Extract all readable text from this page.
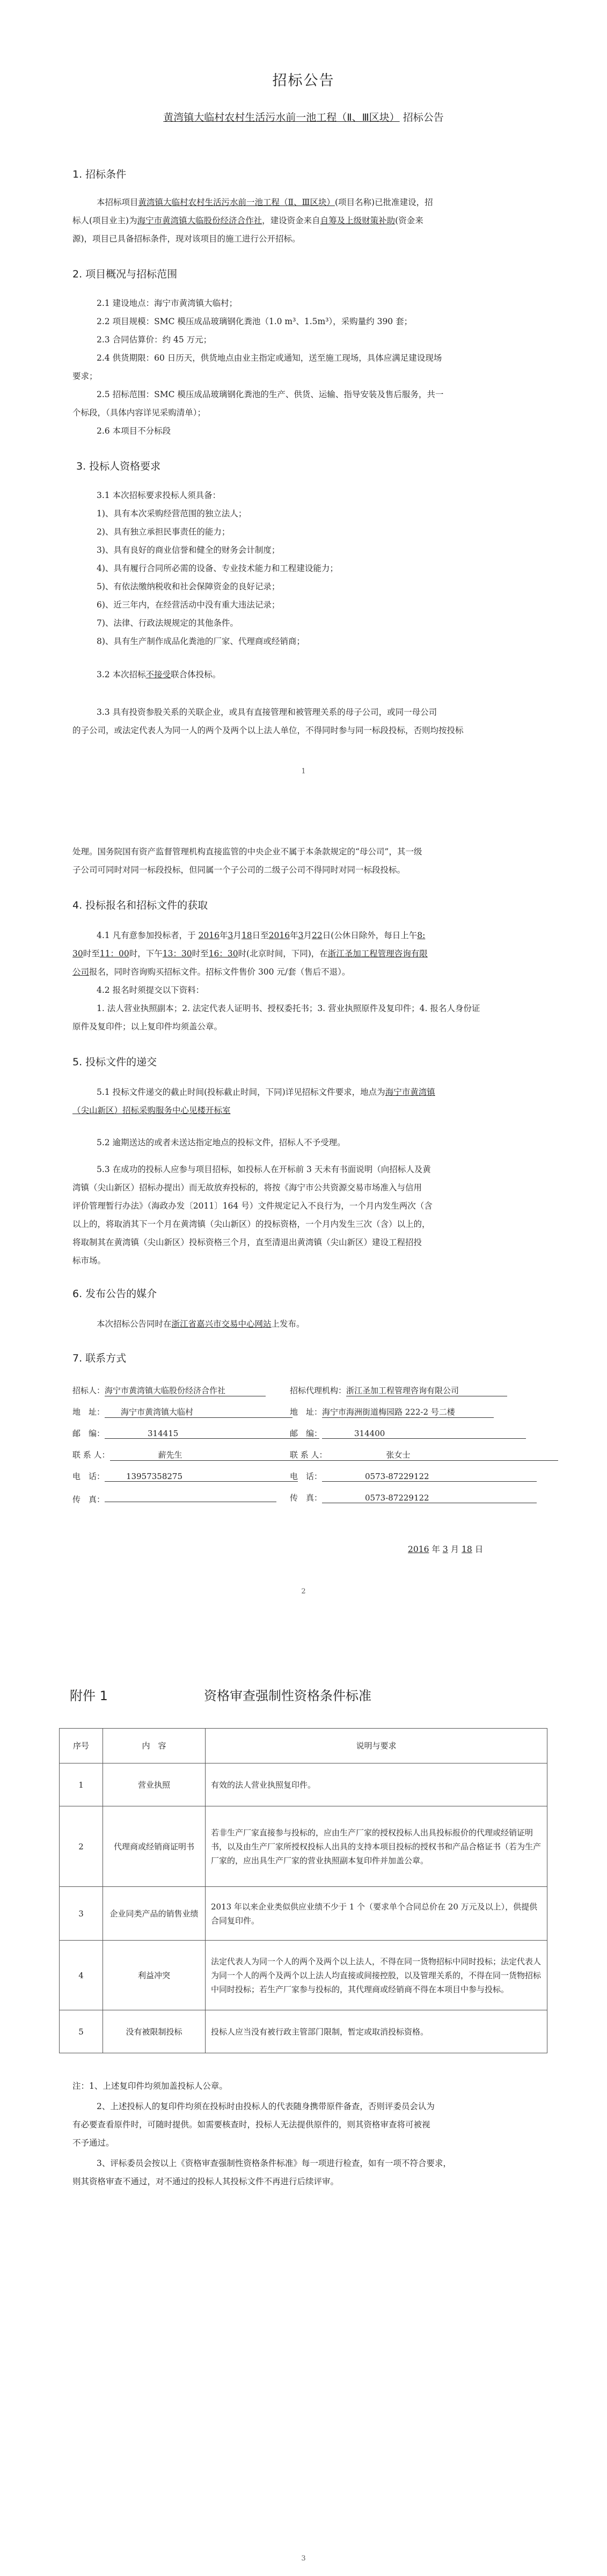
招标公告
黄湾镇大临村农村生活污水前一池工程（Ⅱ、Ⅲ区块） 招标公告
1. 招标条件
本招标项目黄湾镇大临村农村生活污水前一池工程（Ⅱ、Ⅲ区块）(项目名称)已批准建设，招
标人(项目业主)为海宁市黄湾镇大临股份经济合作社，建设资金来自自筹及上级财策补助(资金来
源)，项目已具备招标条件，现对该项目的施工进行公开招标。
2. 项目概况与招标范围
2.1 建设地点：海宁市黄湾镇大临村；
2.2 项目规模：SMC 模压成品玻璃钢化粪池（1.0 m³、1.5m³），采购量约 390 套；
2.3 合同估算价：约 45 万元；
2.4 供货期限：60 日历天，供货地点由业主指定或通知，送至施工现场，具体应满足建设现场
要求；
2.5 招标范围：SMC 模压成品玻璃钢化粪池的生产、供货、运输、指导安装及售后服务，共一
个标段，（具体内容详见采购清单）；
2.6 本项目不分标段
3. 投标人资格要求
3.1 本次招标要求投标人须具备：
1)、具有本次采购经营范围的独立法人；
2)、具有独立承担民事责任的能力；
3)、具有良好的商业信誉和健全的财务会计制度；
4)、具有履行合同所必需的设备、专业技术能力和工程建设能力；
5)、有依法缴纳税收和社会保障资金的良好记录；
6)、近三年内，在经营活动中没有重大违法记录；
7)、法律、行政法规规定的其他条件。
8)、具有生产制作成品化粪池的厂家、代理商或经销商；
3.2 本次招标不接受联合体投标。
3.3 具有投资参股关系的关联企业，或具有直接管理和被管理关系的母子公司，或同一母公司
的子公司，或法定代表人为同一人的两个及两个以上法人单位，不得同时参与同一标段投标，否则均按投标
1
处理。国务院国有资产监督管理机构直接监管的中央企业不属于本条款规定的“母公司”，其一级
子公司可同时对同一标段投标，但同属一个子公司的二级子公司不得同时对同一标段投标。
4. 投标报名和招标文件的获取
4.1 凡有意参加投标者，于 2016年3月18日至2016年3月22日(公休日除外，每日上午8:
30时至11：00时，下午13：30时至16：30时(北京时间，下同)，在浙江圣加工程管理咨询有限
公司报名，同时咨询购买招标文件。招标文件售价 300 元/套（售后不退）。
4.2 报名时须提交以下资料：
1. 法人营业执照副本；2. 法定代表人证明书、授权委托书；3. 营业执照原件及复印件；4. 报名人身份证
原件及复印件；以上复印件均须盖公章。
5. 投标文件的递交
5.1 投标文件递交的截止时间(投标截止时间，下同)详见招标文件要求，地点为海宁市黄湾镇
（尖山新区）招标采购服务中心见楼开标室
5.2 逾期送达的或者未送达指定地点的投标文件，招标人不予受理。
5.3 在成功的投标人应参与项目招标，如投标人在开标前 3 天未有书面说明（向招标人及黄
湾镇（尖山新区）招标办提出）而无故放弃投标的，将按《海宁市公共资源交易市场准入与信用
评价管理暂行办法》（海政办发〔2011〕164 号）文件规定记入不良行为，一个月内发生两次（含
以上的，将取消其下一个月在黄湾镇（尖山新区）的投标资格，一个月内发生三次（含）以上的，
将取制其在黄湾镇（尖山新区）投标资格三个月，直至清退出黄湾镇（尖山新区）建设工程招投
标市场。
6. 发布公告的媒介
本次招标公告同时在浙江省嘉兴市交易中心网站上发布。
7. 联系方式
招标人：海宁市黄湾镇大临股份经济合作社	招标代理机构：浙江圣加工程管理咨询有限公司
地　址： 海宁市黄湾镇大临村	地　址：海宁市海洲街道梅园路 222-2 号二楼
邮　编：	314415	邮　编：	314400
联 系 人：	薪先生	联 系 人：	张女士
电　话：	13957358275	电　话：	0573-87229122
传　真：	传　真：	0573-87229122
2016 年 3 月 18 日
2
附件 1	资格审查强制性资格条件标准
序号	内　容	说明与要求
1	营业执照	有效的法人营业执照复印件。
2	代理商或经销商证明书	若非生产厂家直接参与投标的，应由生产厂家的授权投标人出具投标报价的代理或经销证明书，以及由生产厂家所授权投标人出具的支持本项目投标的授权书和产品合格证书（若为生产厂家的，应出具生产厂家的营业执照副本复印件并加盖公章。
3	企业同类产品的销售业绩	2013 年以来企业类似供应业绩不少于 1 个（要求单个合同总价在 20 万元及以上），供提供合同复印件。
4	利益冲突	法定代表人为同一个人的两个及两个以上法人，不得在同一货物招标中同时投标；法定代表人为同一个人的两个及两个以上法人均直接或间接控股，以及管理关系的，不得在同一货物招标中同时投标；若生产厂家参与投标的，其代理商或经销商不得在本项目中参与投标。
5	没有被限制投标	投标人应当没有被行政主管部门限制，暂定或取消投标资格。
注：1、上述复印件均须加盖投标人公章。
2、上述投标人的复印件均须在投标时由投标人的代表随身携带原件备查，否则评委员会认为
有必要查看原件时，可随时提供。如需要核查时，投标人无法提供原件的，则其资格审查将可被视
不予通过。
3、评标委员会按以上《资格审查强制性资格条件标准》每一项进行检查，如有一项不符合要求，
则其资格审查不通过，对不通过的投标人其投标文件不再进行后续评审。
3
